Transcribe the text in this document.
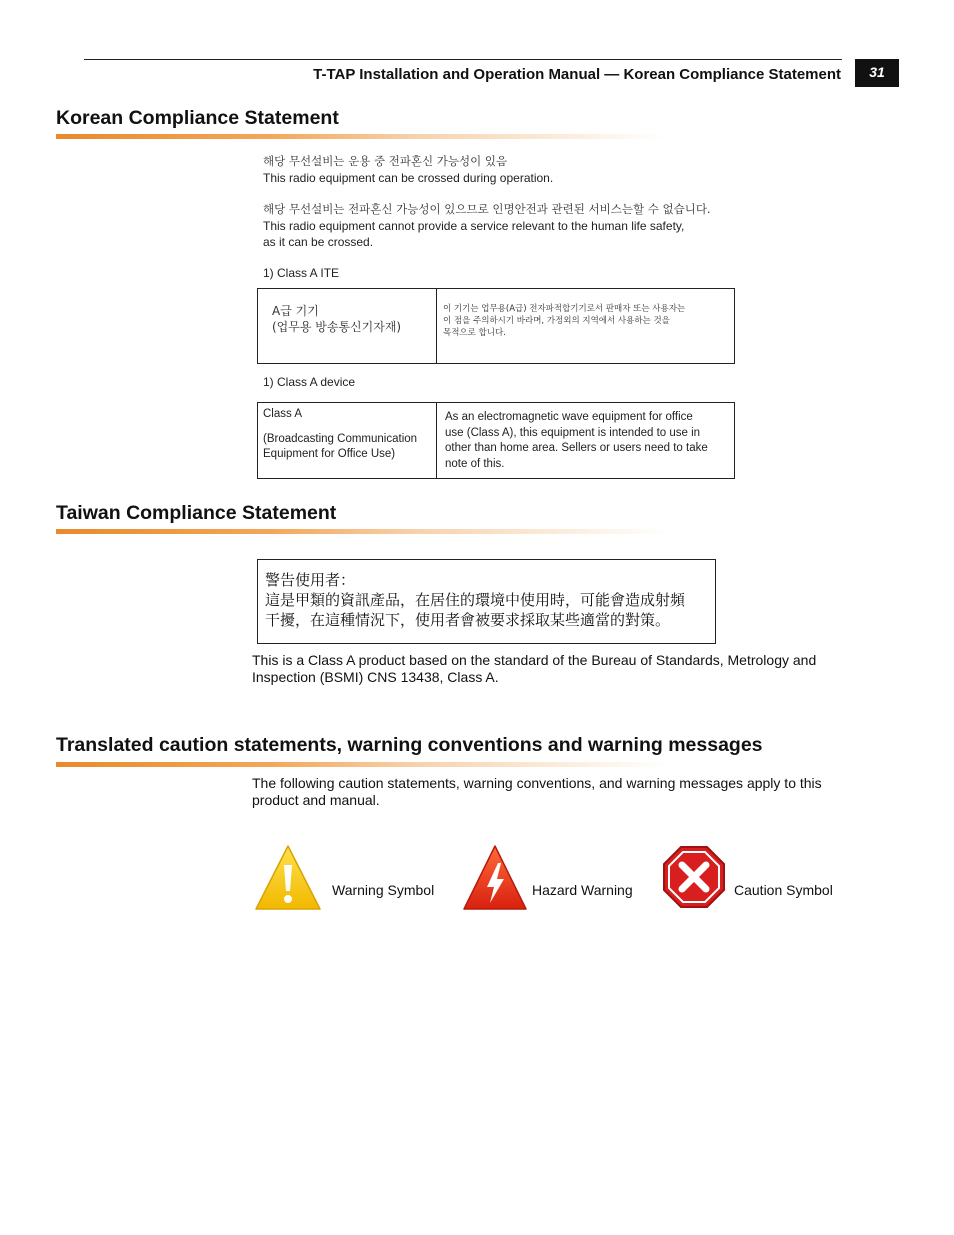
T-TAP Installation and Operation Manual — Korean Compliance Statement	31
Korean Compliance Statement
해당 무선설비는 운용 중 전파혼신 가능성이 있음
This radio equipment can be crossed during operation.
해당 무선설비는 전파혼신 가능성이 있으므로 인명안전과 관련된 서비스는할 수 없습니다.
This radio equipment cannot provide a service relevant to the human life safety,
as it can be crossed.
1) Class A ITE
A급 기기
(업무용 방송통신기자재)

이 기기는 업무용(A급) 전자파적합기기로서 판매자 또는 사용자는
이 점을 주의하시기 바라며, 가정외의 지역에서 사용하는 것을
목적으로 합니다.
1) Class A device
Class A
(Broadcasting Communication
Equipment for Office Use)

As an electromagnetic wave equipment for office
use (Class A), this equipment is intended to use in
other than home area. Sellers or users need to take
note of this.
Taiwan Compliance Statement
警告使用者：
這是甲類的資訊產品，在居住的環境中使用時，可能會造成射頻
干擾，在這種情況下，使用者會被要求採取某些適當的對策。
This is a Class A product based on the standard of the Bureau of Standards, Metrology and
Inspection (BSMI) CNS 13438, Class A.
Translated caution statements, warning conventions and warning messages
The following caution statements, warning conventions, and warning messages apply to this
product and manual.
Warning Symbol	Hazard Warning	Caution Symbol
